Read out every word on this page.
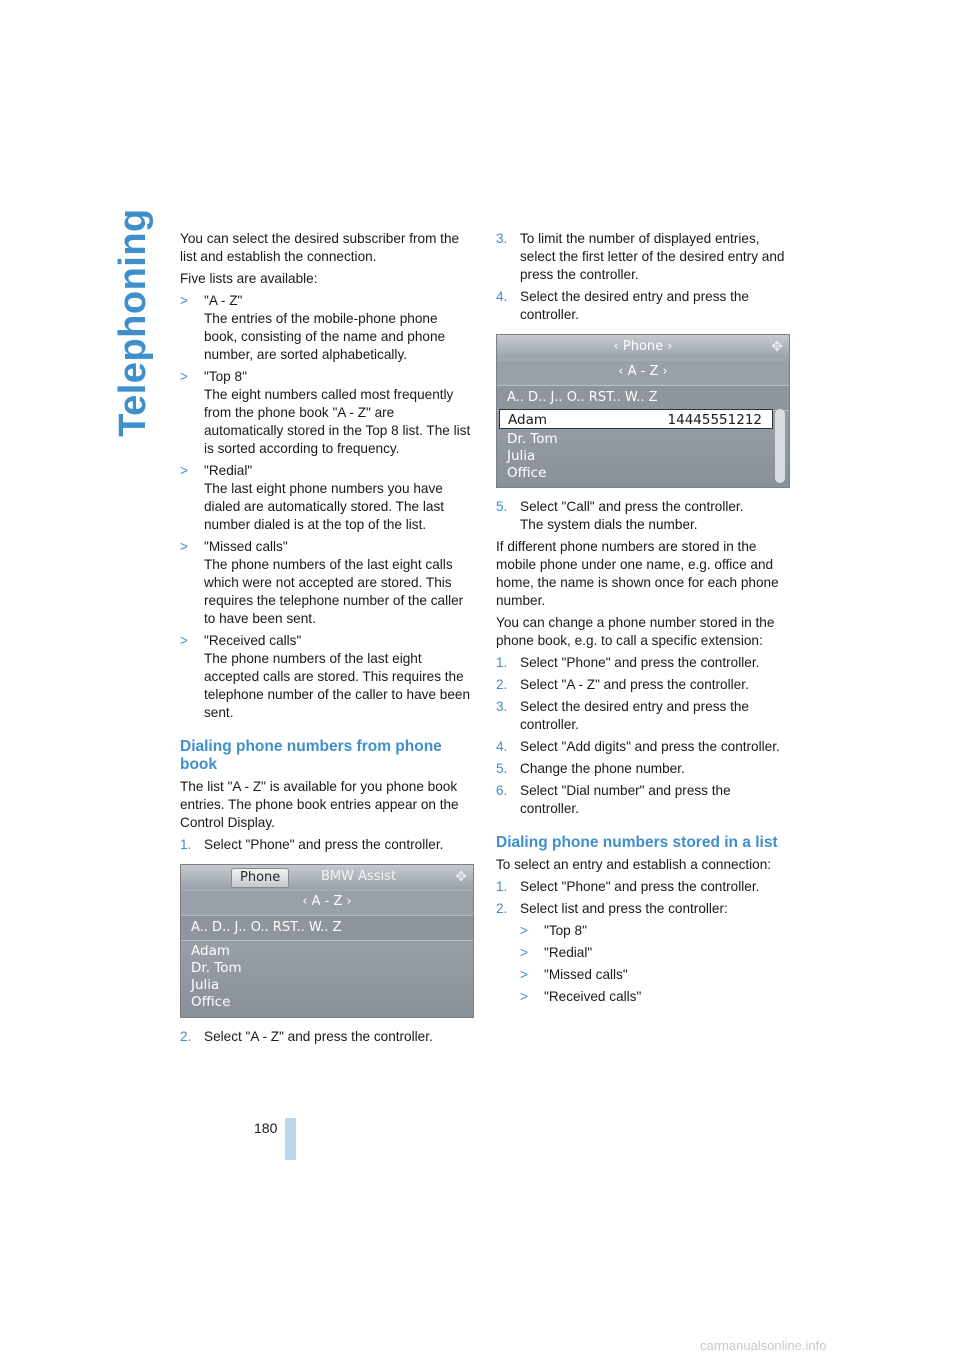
Telephoning You can select the desired subscriber from the list and establish the connection.

Five lists are available:

>	"A - Z"
The entries of the mobile-phone phone book, consisting of the name and phone number, are sorted alphabetically.
>	"Top 8"
The eight numbers called most frequently from the phone book "A - Z" are automatically stored in the Top 8 list. The list is sorted according to frequency.
>	"Redial"
The last eight phone numbers you have dialed are automatically stored. The last number dialed is at the top of the list.
>	"Missed calls"
The phone numbers of the last eight calls which were not accepted are stored. This requires the telephone number of the caller to have been sent.
>	"Received calls"
The phone numbers of the last eight accepted calls are stored. This requires the telephone number of the caller to have been sent.
Dialing phone numbers from phone book

The list "A - Z" is available for you phone book entries. The phone book entries appear on the Control Display.

1. Select "Phone" and press the controller.
Phone	BMW Assist	✥
‹ A - Z ›
A.. D.. J.. O.. RST.. W.. Z
Adam
Dr. Tom
Julia
Office
2. Select "A - Z" and press the controller.
3. To limit the number of displayed entries, select the first letter of the desired entry and press the controller.
4. Select the desired entry and press the controller.
‹ Phone ›	✥
‹ A - Z ›
A.. D.. J.. O.. RST.. W.. Z
Adam	14445551212
Dr. Tom
Julia
Office
5. Select "Call" and press the controller.
The system dials the number.

If different phone numbers are stored in the mobile phone under one name, e.g. office and home, the name is shown once for each phone number.

You can change a phone number stored in the phone book, e.g. to call a specific extension:

1. Select "Phone" and press the controller.
2. Select "A - Z" and press the controller.
3. Select the desired entry and press the controller.
4. Select "Add digits" and press the controller.
5. Change the phone number.
6. Select "Dial number" and press the controller.
Dialing phone numbers stored in a list

To select an entry and establish a connection:

1. Select "Phone" and press the controller.
2. Select list and press the controller:
>	"Top 8"
>	"Redial"
>	"Missed calls"
>	"Received calls"
180
carmanualsonline.info
